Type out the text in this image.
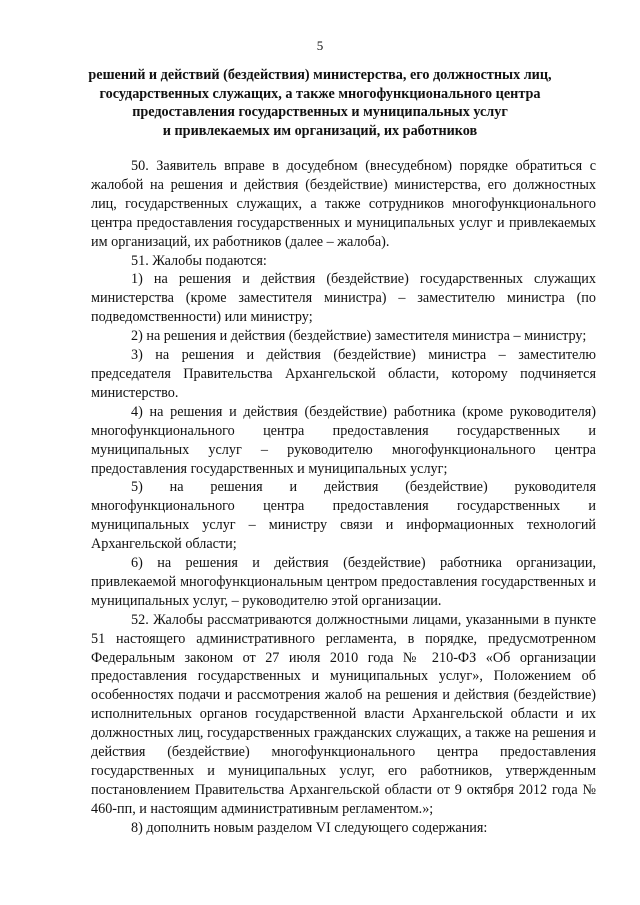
5
решений и действий (бездействия) министерства, его должностных лиц,
государственных служащих, а также многофункционального центра
предоставления государственных и муниципальных услуг
и привлекаемых им организаций, их работников

50. Заявитель вправе в досудебном (внесудебном) порядке обратиться с жалобой на решения и действия (бездействие) министерства, его должностных лиц, государственных служащих, а также сотрудников многофункционального центра предоставления государственных и муниципальных услуг и привлекаемых им организаций, их работников (далее – жалоба).

51. Жалобы подаются:

1) на решения и действия (бездействие) государственных служащих министерства (кроме заместителя министра) – заместителю министра (по подведомственности) или министру;

2) на решения и действия (бездействие) заместителя министра – министру;

3) на решения и действия (бездействие) министра – заместителю председателя Правительства Архангельской области, которому подчиняется министерство.

4) на решения и действия (бездействие) работника (кроме руководителя) многофункционального центра предоставления государственных и муниципальных услуг – руководителю многофункционального центра предоставления государственных и муниципальных услуг;

5) на решения и действия (бездействие) руководителя многофункционального центра предоставления государственных и муниципальных услуг – министру связи и информационных технологий Архангельской области;

6) на решения и действия (бездействие) работника организации, привлекаемой многофункциональным центром предоставления государственных и муниципальных услуг, – руководителю этой организации.

52. Жалобы рассматриваются должностными лицами, указанными в пункте 51 настоящего административного регламента, в порядке, предусмотренном Федеральным законом от 27 июля 2010 года № 210-ФЗ «Об организации предоставления государственных и муниципальных услуг», Положением об особенностях подачи и рассмотрения жалоб на решения и действия (бездействие) исполнительных органов государственной власти Архангельской области и их должностных лиц, государственных гражданских служащих, а также на решения и действия (бездействие) многофункционального центра предоставления государственных и муниципальных услуг, его работников, утвержденным постановлением Правительства Архангельской области от 9 октября 2012 года № 460-пп, и настоящим административным регламентом.»;

8) дополнить новым разделом VI следующего содержания:
